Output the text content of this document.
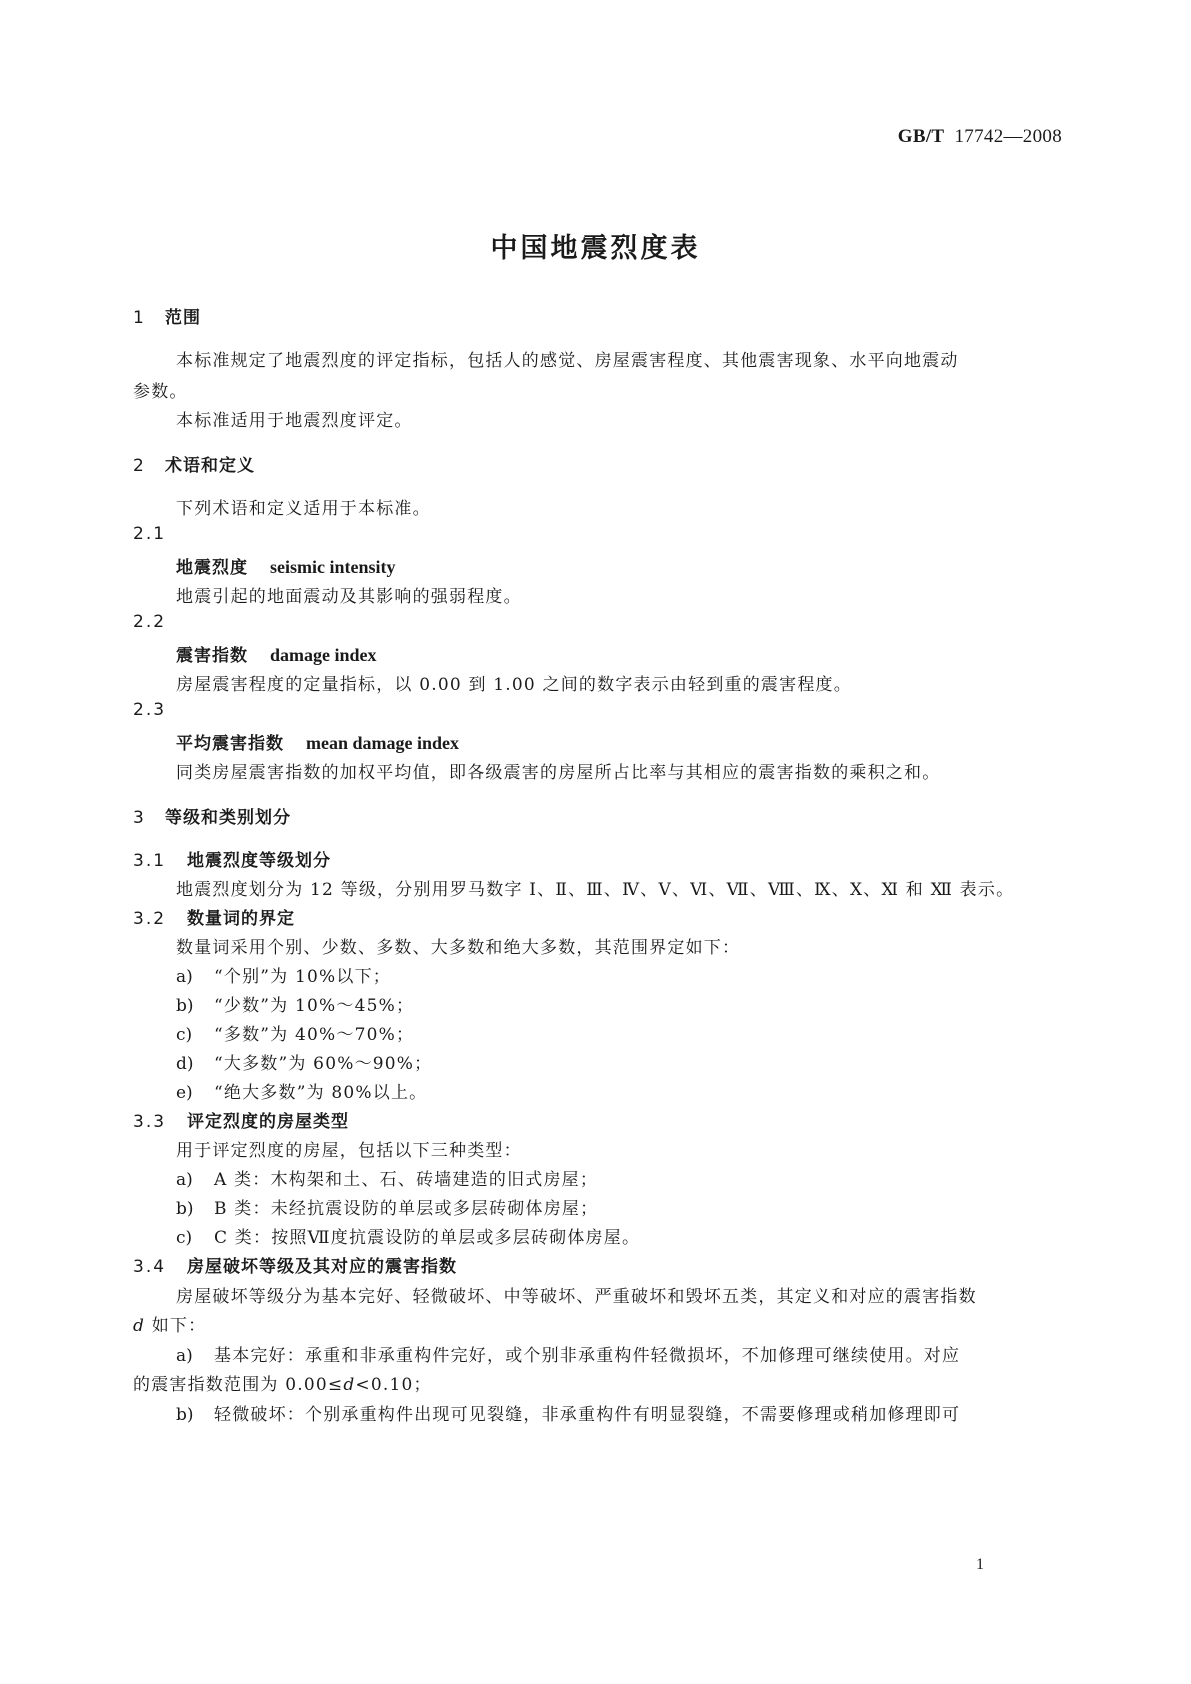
GB/T 17742—2008
中国地震烈度表
1 范围
本标准规定了地震烈度的评定指标，包括人的感觉、房屋震害程度、其他震害现象、水平向地震动
参数。
本标准适用于地震烈度评定。
2 术语和定义
下列术语和定义适用于本标准。
2.1
地震烈度 seismic intensity
地震引起的地面震动及其影响的强弱程度。
2.2
震害指数 damage index
房屋震害程度的定量指标，以 0.00 到 1.00 之间的数字表示由轻到重的震害程度。
2.3
平均震害指数 mean damage index
同类房屋震害指数的加权平均值，即各级震害的房屋所占比率与其相应的震害指数的乘积之和。
3 等级和类别划分
3.1 地震烈度等级划分
地震烈度划分为 12 等级，分别用罗马数字 Ⅰ、Ⅱ、Ⅲ、Ⅳ、Ⅴ、Ⅵ、Ⅶ、Ⅷ、Ⅸ、Ⅹ、Ⅺ 和 Ⅻ 表示。
3.2 数量词的界定
数量词采用个别、少数、多数、大多数和绝大多数，其范围界定如下：
a) “个别”为 10%以下；
b) “少数”为 10%～45%；
c) “多数”为 40%～70%；
d) “大多数”为 60%～90%；
e) “绝大多数”为 80%以上。
3.3 评定烈度的房屋类型
用于评定烈度的房屋，包括以下三种类型：
a) A 类：木构架和土、石、砖墙建造的旧式房屋；
b) B 类：未经抗震设防的单层或多层砖砌体房屋；
c) C 类：按照Ⅶ度抗震设防的单层或多层砖砌体房屋。
3.4 房屋破坏等级及其对应的震害指数
房屋破坏等级分为基本完好、轻微破坏、中等破坏、严重破坏和毁坏五类，其定义和对应的震害指数
d 如下：
a) 基本完好：承重和非承重构件完好，或个别非承重构件轻微损坏，不加修理可继续使用。对应
的震害指数范围为 0.00≤d<0.10；
b) 轻微破坏：个别承重构件出现可见裂缝，非承重构件有明显裂缝，不需要修理或稍加修理即可
1
